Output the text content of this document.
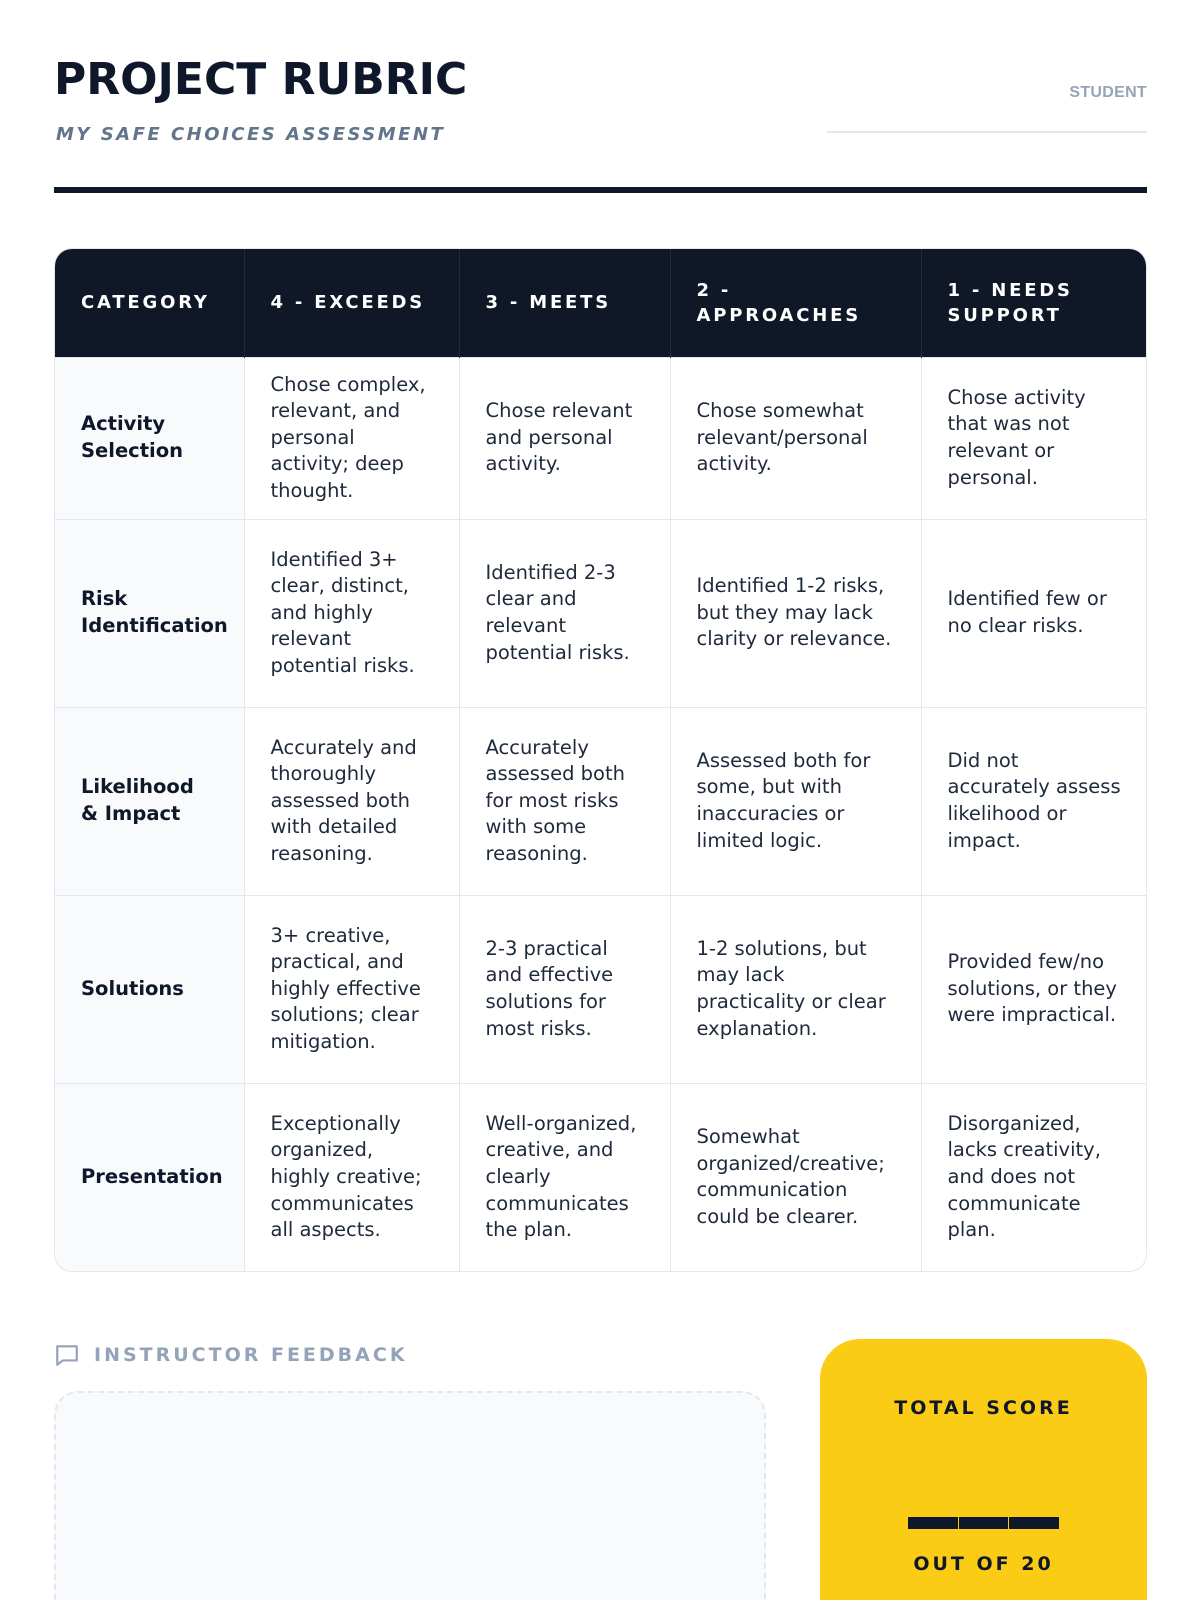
PROJECT RUBRIC
MY SAFE CHOICES ASSESSMENT
STUDENT
CATEGORY	4 - EXCEEDS	3 - MEETS	2 - APPROACHES	1 - NEEDS SUPPORT
Activity Selection	Chose complex, relevant, and personal activity; deep thought.	Chose relevant and personal activity.	Chose somewhat relevant/personal activity.	Chose activity that was not relevant or personal.
Risk Identification	Identified 3+ clear, distinct, and highly relevant potential risks.	Identified 2-3 clear and relevant potential risks.	Identified 1-2 risks, but they may lack clarity or relevance.	Identified few or no clear risks.
Likelihood & Impact	Accurately and thoroughly assessed both with detailed reasoning.	Accurately assessed both for most risks with some reasoning.	Assessed both for some, but with inaccuracies or limited logic.	Did not accurately assess likelihood or impact.
Solutions	3+ creative, practical, and highly effective solutions; clear mitigation.	2-3 practical and effective solutions for most risks.	1-2 solutions, but may lack practicality or clear explanation.	Provided few/no solutions, or they were impractical.
Presentation	Exceptionally organized, highly creative; communicates all aspects.	Well-organized, creative, and clearly communicates the plan.	Somewhat organized/creative; communication could be clearer.	Disorganized, lacks creativity, and does not communicate plan.
INSTRUCTOR FEEDBACK
TOTAL SCORE
OUT OF 20
